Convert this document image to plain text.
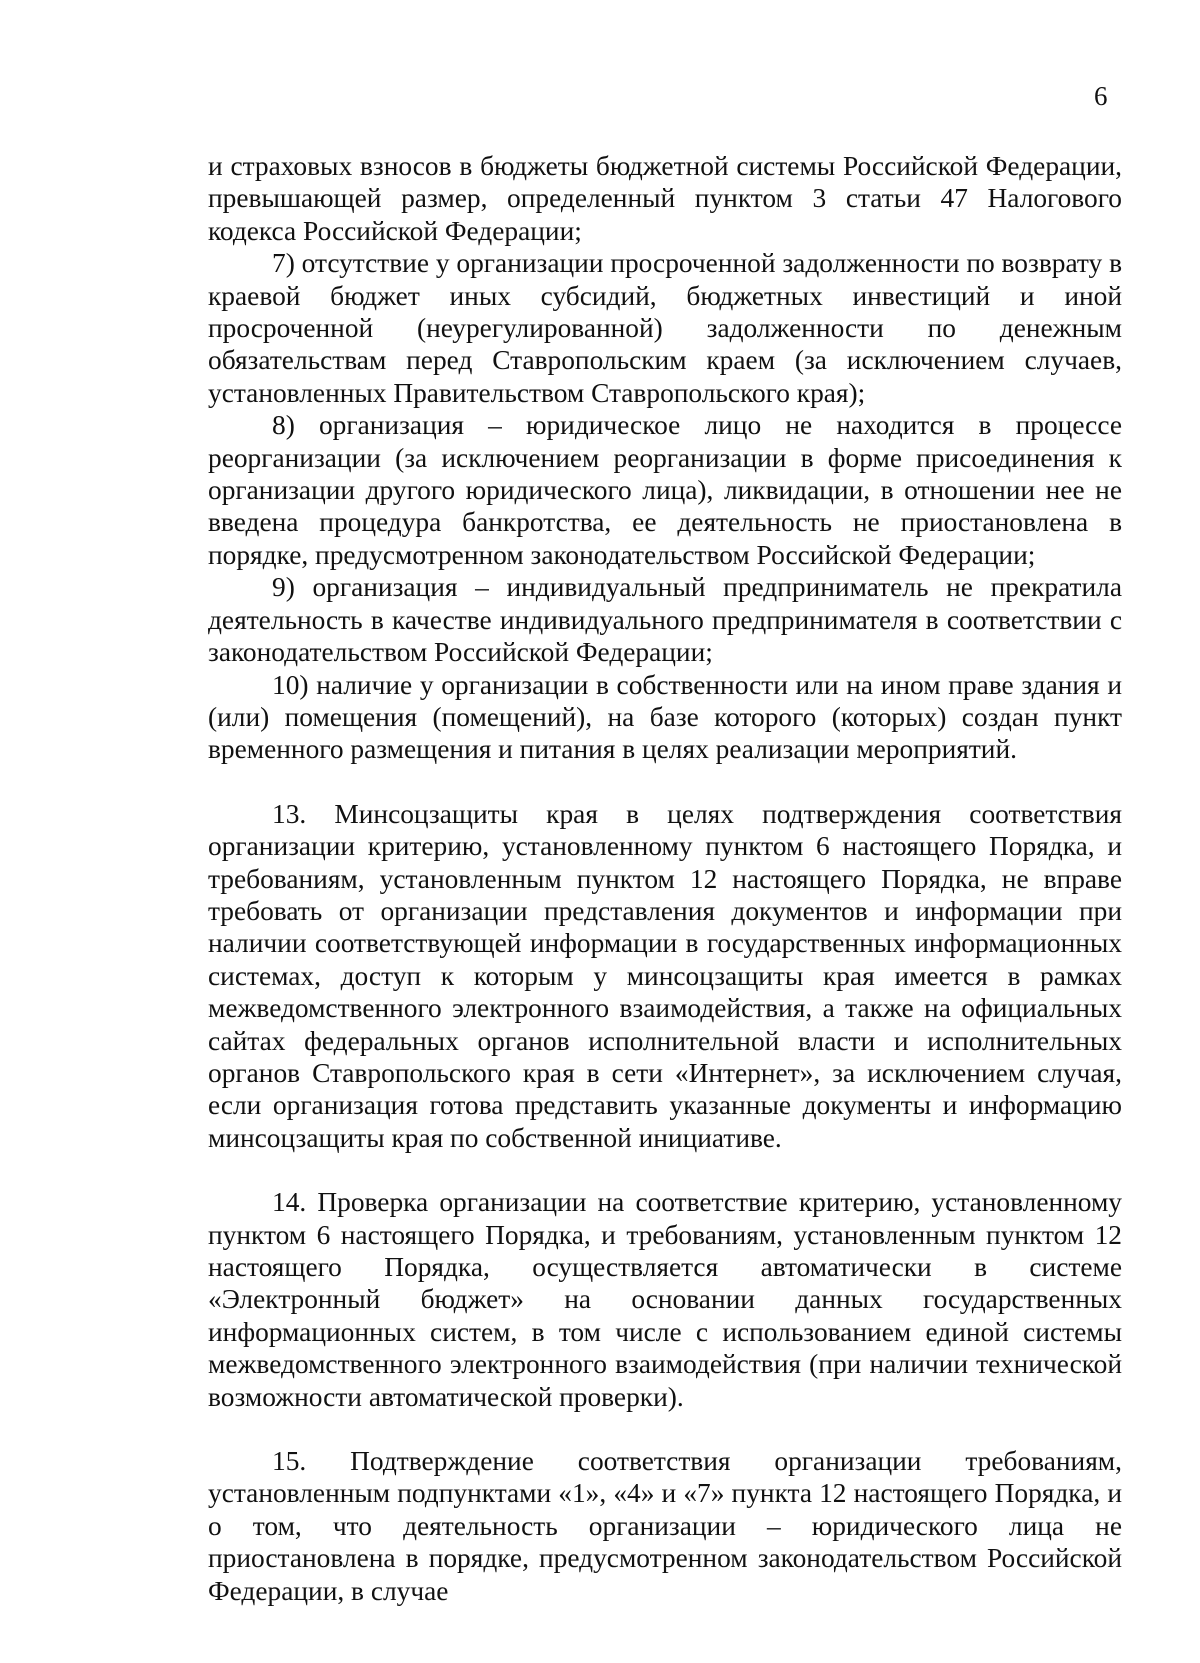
6

и страховых взносов в бюджеты бюджетной системы Российской Федерации, превышающей размер, определенный пунктом 3 статьи 47 Налогового кодекса Российской Федерации;

7) отсутствие у организации просроченной задолженности по возврату в краевой бюджет иных субсидий, бюджетных инвестиций и иной просроченной (неурегулированной) задолженности по денежным обязательствам перед Ставропольским краем (за исключением случаев, установленных Правительством Ставропольского края);

8) организация – юридическое лицо не находится в процессе реорганизации (за исключением реорганизации в форме присоединения к организации другого юридического лица), ликвидации, в отношении нее не введена процедура банкротства, ее деятельность не приостановлена в порядке, предусмотренном законодательством Российской Федерации;

9) организация – индивидуальный предприниматель не прекратила деятельность в качестве индивидуального предпринимателя в соответствии с законодательством Российской Федерации;

10) наличие у организации в собственности или на ином праве здания и (или) помещения (помещений), на базе которого (которых) создан пункт временного размещения и питания в целях реализации мероприятий.

13. Минсоцзащиты края в целях подтверждения соответствия организации критерию, установленному пунктом 6 настоящего Порядка, и требованиям, установленным пунктом 12 настоящего Порядка, не вправе требовать от организации представления документов и информации при наличии соответствующей информации в государственных информационных системах, доступ к которым у минсоцзащиты края имеется в рамках межведомственного электронного взаимодействия, а также на официальных сайтах федеральных органов исполнительной власти и исполнительных органов Ставропольского края в сети «Интернет», за исключением случая, если организация готова представить указанные документы и информацию минсоцзащиты края по собственной инициативе.

14. Проверка организации на соответствие критерию, установленному пунктом 6 настоящего Порядка, и требованиям, установленным пунктом 12 настоящего Порядка, осуществляется автоматически в системе «Электронный бюджет» на основании данных государственных информационных систем, в том числе с использованием единой системы межведомственного электронного взаимодействия (при наличии технической возможности автоматической проверки).

15. Подтверждение соответствия организации требованиям, установленным подпунктами «1», «4» и «7» пункта 12 настоящего Порядка, и о том, что деятельность организации – юридического лица не приостановлена в порядке, предусмотренном законодательством Российской Федерации, в случае
